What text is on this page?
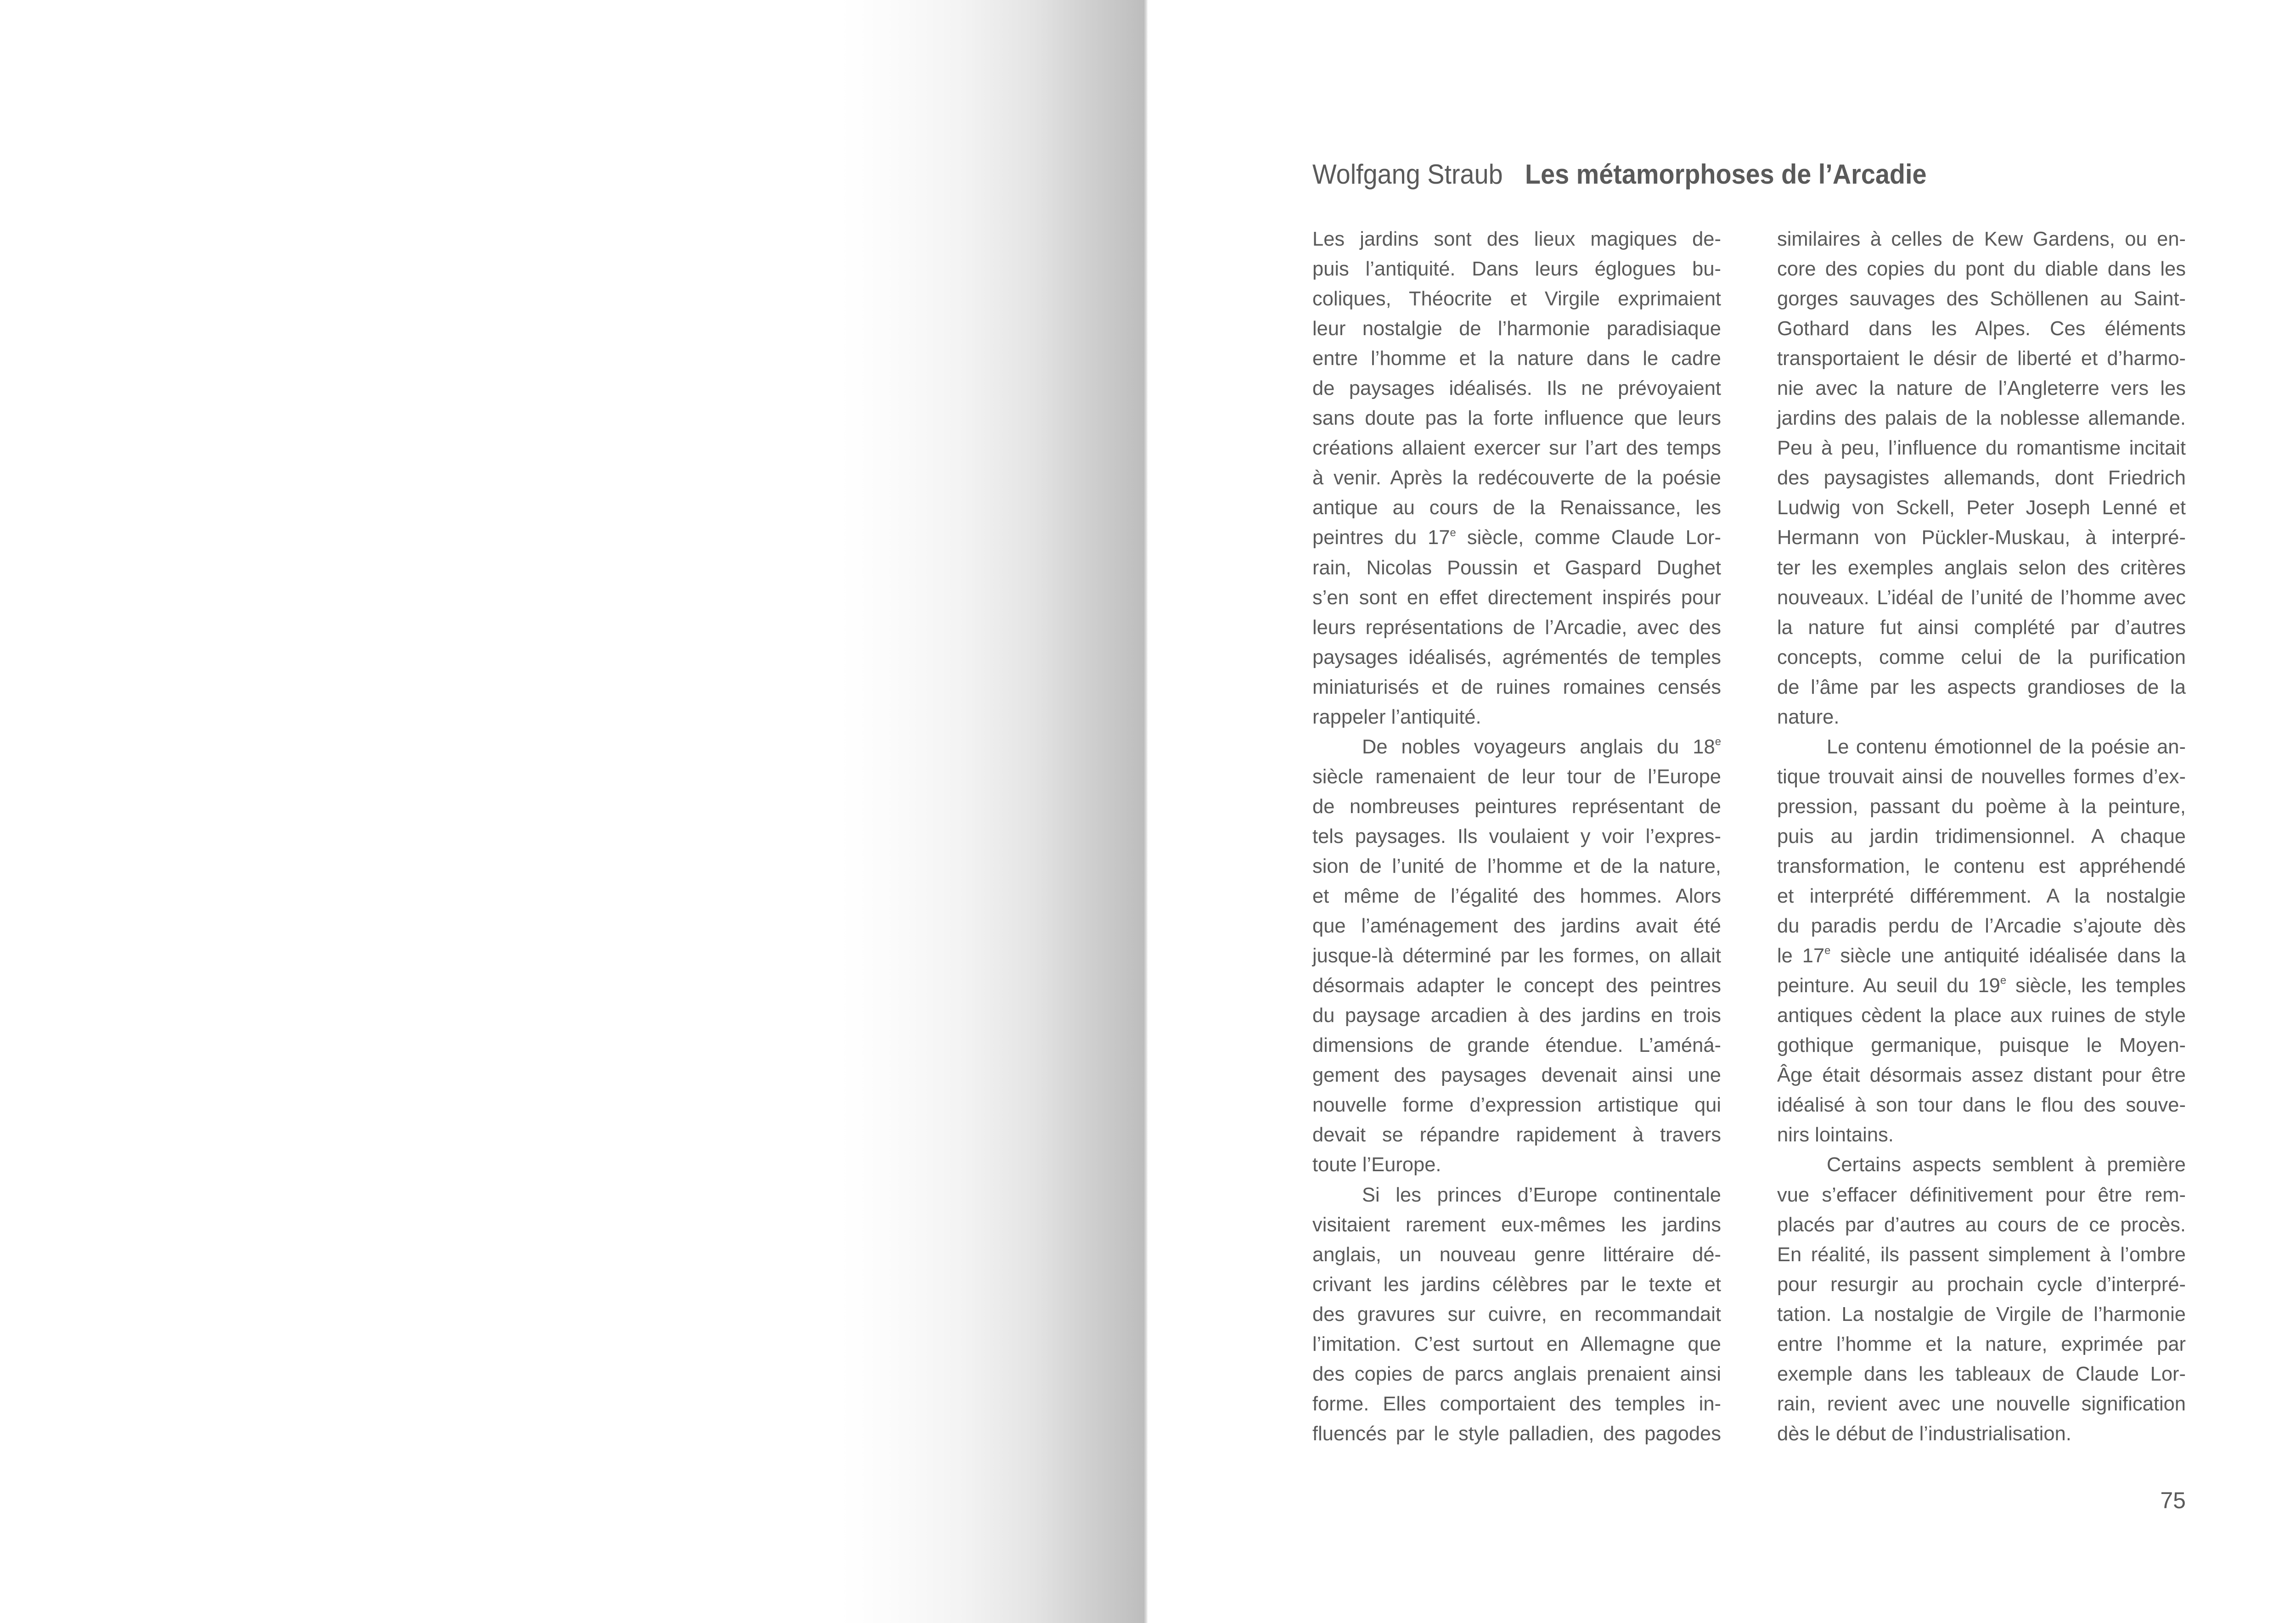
Wolfgang Straub Les métamorphoses de l’Arcadie
Les jardins sont des lieux magiques de-
puis l’antiquité. Dans leurs églogues bu-
coliques, Théocrite et Virgile exprimaient
leur nostalgie de l’harmonie paradisiaque
entre l’homme et la nature dans le cadre
de paysages idéalisés. Ils ne prévoyaient
sans doute pas la forte influence que leurs
créations allaient exercer sur l’art des temps
à venir. Après la redécouverte de la poésie
antique au cours de la Renaissance, les
peintres du 17e siècle, comme Claude Lor-
rain, Nicolas Poussin et Gaspard Dughet
s’en sont en effet directement inspirés pour
leurs représentations de l’Arcadie, avec des
paysages idéalisés, agrémentés de temples
miniaturisés et de ruines romaines censés
rappeler l’antiquité.
De nobles voyageurs anglais du 18e
siècle ramenaient de leur tour de l’Europe
de nombreuses peintures représentant de
tels paysages. Ils voulaient y voir l’expres-
sion de l’unité de l’homme et de la nature,
et même de l’égalité des hommes. Alors
que l’aménagement des jardins avait été
jusque-là déterminé par les formes, on allait
désormais adapter le concept des peintres
du paysage arcadien à des jardins en trois
dimensions de grande étendue. L’améná-
gement des paysages devenait ainsi une
nouvelle forme d’expression artistique qui
devait se répandre rapidement à travers
toute l’Europe.
Si les princes d’Europe continentale
visitaient rarement eux-mêmes les jardins
anglais, un nouveau genre littéraire dé-
crivant les jardins célèbres par le texte et
des gravures sur cuivre, en recommandait
l’imitation. C’est surtout en Allemagne que
des copies de parcs anglais prenaient ainsi
forme. Elles comportaient des temples in-
fluencés par le style palladien, des pagodes
similaires à celles de Kew Gardens, ou en-
core des copies du pont du diable dans les
gorges sauvages des Schöllenen au Saint-
Gothard dans les Alpes. Ces éléments
transportaient le désir de liberté et d’harmo-
nie avec la nature de l’Angleterre vers les
jardins des palais de la noblesse allemande.
Peu à peu, l’influence du romantisme incitait
des paysagistes allemands, dont Friedrich
Ludwig von Sckell, Peter Joseph Lenné et
Hermann von Pückler-Muskau, à interpré-
ter les exemples anglais selon des critères
nouveaux. L’idéal de l’unité de l’homme avec
la nature fut ainsi complété par d’autres
concepts, comme celui de la purification
de l’âme par les aspects grandioses de la
nature.
Le contenu émotionnel de la poésie an-
tique trouvait ainsi de nouvelles formes d’ex-
pression, passant du poème à la peinture,
puis au jardin tridimensionnel. A chaque
transformation, le contenu est appréhendé
et interprété différemment. A la nostalgie
du paradis perdu de l’Arcadie s’ajoute dès
le 17e siècle une antiquité idéalisée dans la
peinture. Au seuil du 19e siècle, les temples
antiques cèdent la place aux ruines de style
gothique germanique, puisque le Moyen-
Âge était désormais assez distant pour être
idéalisé à son tour dans le flou des souve-
nirs lointains.
Certains aspects semblent à première
vue s’effacer définitivement pour être rem-
placés par d’autres au cours de ce procès.
En réalité, ils passent simplement à l’ombre
pour resurgir au prochain cycle d’interpré-
tation. La nostalgie de Virgile de l’harmonie
entre l’homme et la nature, exprimée par
exemple dans les tableaux de Claude Lor-
rain, revient avec une nouvelle signification
dès le début de l’industrialisation.
75
